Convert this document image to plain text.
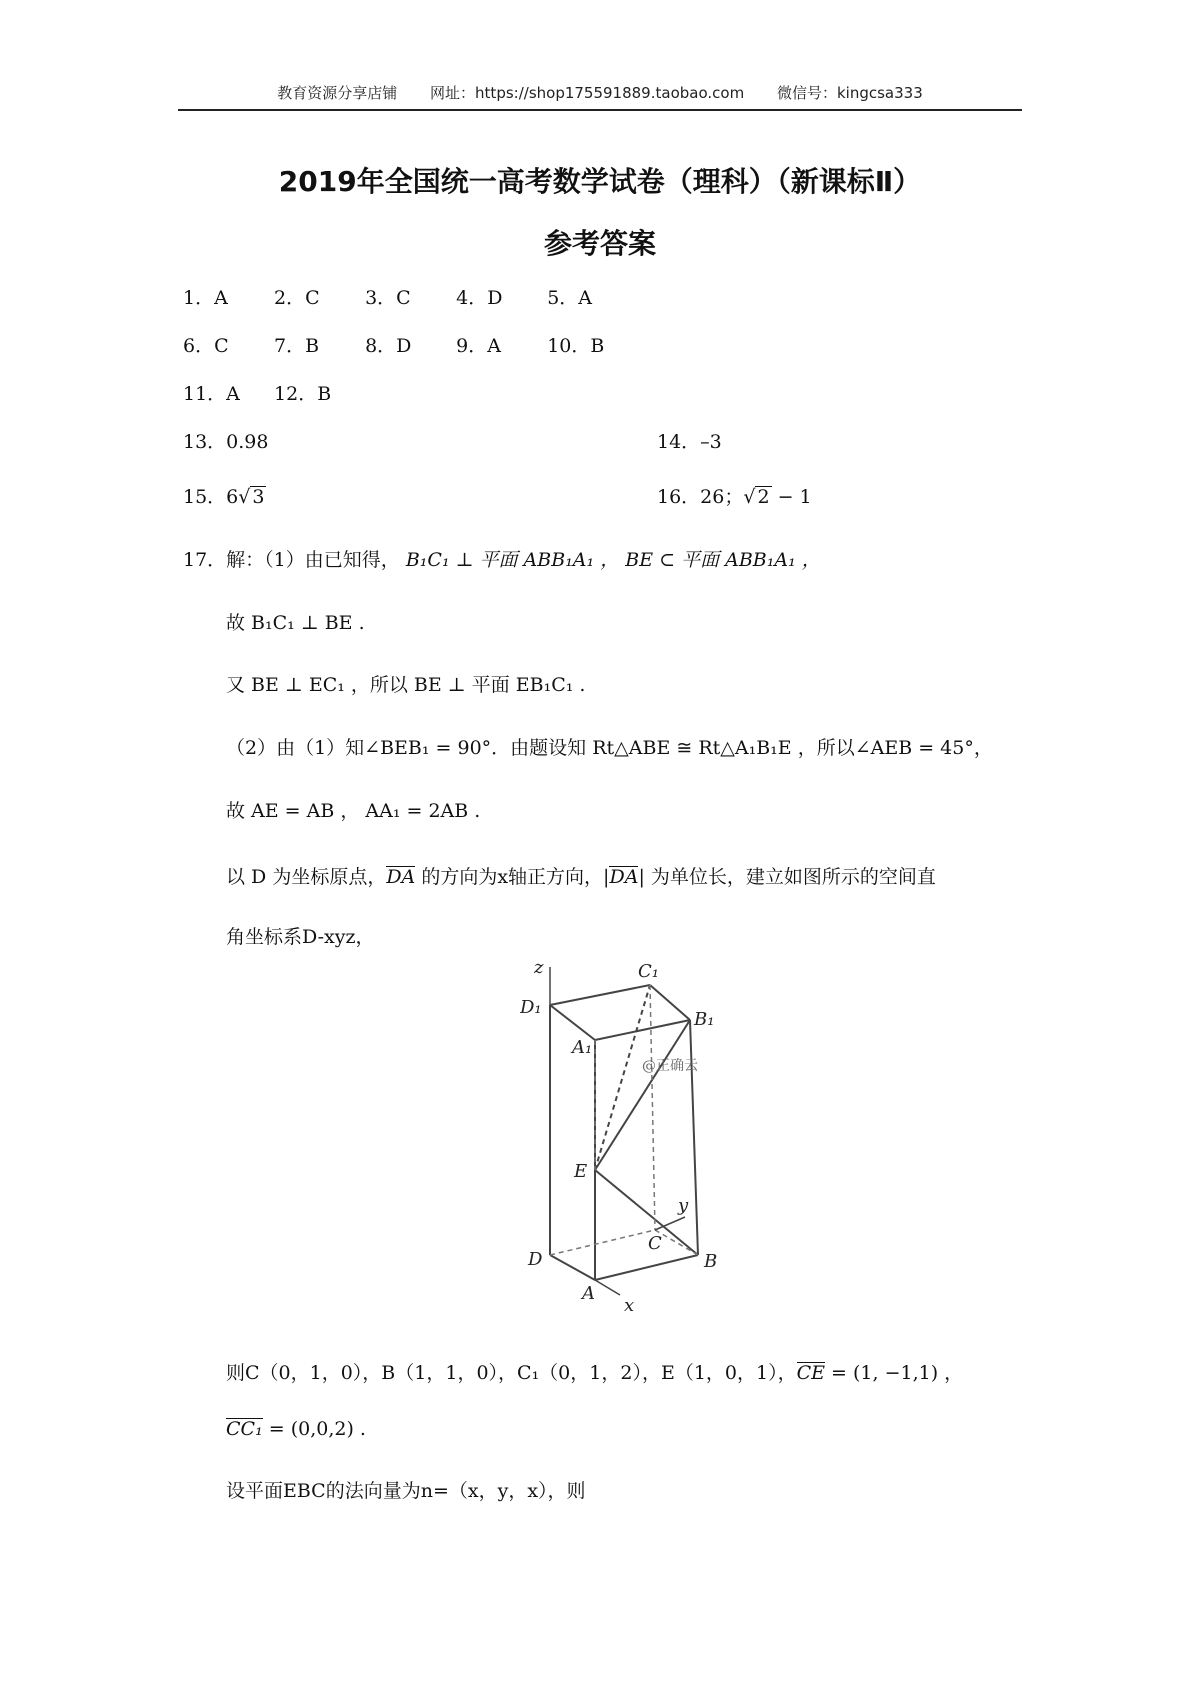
教育资源分享店铺 网址：https://shop175591889.taobao.com 微信号：kingcsa333
2019年全国统一高考数学试卷（理科）（新课标Ⅱ）
参考答案
1．A 2．C 3．C 4．D 5．A
6．C 7．B 8．D 9．A 10．B
11．A 12．B
13．0.98	14．–3
15．6√ 3	16．26；√ 2 − 1
17．解：（1）由已知得， B₁C₁ ⊥ 平面 ABB₁A₁ ， BE ⊂ 平面 ABB₁A₁ ，
故 B₁C₁ ⊥ BE .
又 BE ⊥ EC₁ ，所以 BE ⊥ 平面 EB₁C₁ .
（2）由（1）知∠BEB₁ = 90°．由题设知 Rt△ABE ≅ Rt△A₁B₁E ，所以∠AEB = 45°，
故 AE = AB ， AA₁ = 2AB .
以 D 为坐标原点，DA 的方向为x轴正方向，|DA| 为单位长，建立如图所示的空间直
角坐标系D-xyz，
z	C₁
D₁
B₁
A₁
@正确云
E
y
C
D	B
A
x
则C（0，1，0），B（1，1，0），C₁（0，1，2），E（1，0，1），CE = (1, −1,1) ，
CC₁ = (0,0,2) .
设平面EBC的法向量为n=（x，y，x），则
